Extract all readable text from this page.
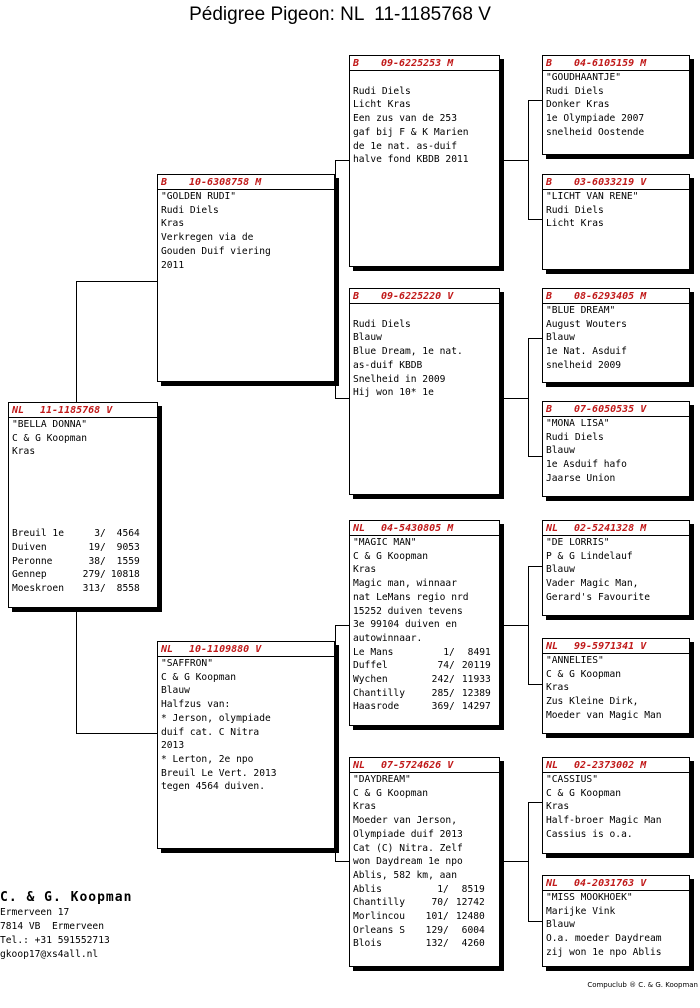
Pédigree Pigeon: NL  11-1185768 V
NL	11-1185768 V
"BELLA DONNA"
C & G Koopman
Kras
Breuil 1e	3 /	4564
Duiven	19 /	9053
Peronne	38 /	1559
Gennep	279 / 10818
Moeskroen	313 /	8558
B	10-6308758 M
"GOLDEN RUDI"
Rudi Diels
Kras
Verkregen via de
Gouden Duif viering
2011
NL	10-1109880 V
"SAFFRON"
C & G Koopman
Blauw
Halfzus van:
* Jerson, olympiade
duif cat. C Nitra
2013
* Lerton, 2e npo
Breuil Le Vert. 2013
tegen 4564 duiven.
B	09-6225253 M
Rudi Diels
Licht Kras
Een zus van de 253
gaf bij F & K Marien
de 1e nat. as-duif
halve fond KBDB 2011
B	09-6225220 V
Rudi Diels
Blauw
Blue Dream, 1e nat.
as-duif KBDB
Snelheid in 2009
Hij won 10* 1e
NL	04-5430805 M
"MAGIC MAN"
C & G Koopman
Kras
Magic man, winnaar
nat LeMans regio nrd
15252 duiven tevens
3e 99104 duiven en
autowinnaar.
Le Mans	1 /	8491
Duffel	74 / 20119
Wychen	242 / 11933
Chantilly	285 / 12389
Haasrode	369 / 14297
NL	07-5724626 V
"DAYDREAM"
C & G Koopman
Kras
Moeder van Jerson,
Olympiade duif 2013
Cat (C) Nitra. Zelf
won Daydream 1e npo
Ablis, 582 km, aan
Ablis	1 /	8519
Chantilly	70 / 12742
Morlincou	101 / 12480
Orleans S	129 /	6004
Blois	132 /	4260
B	04-6105159 M
"GOUDHAANTJE"
Rudi Diels
Donker Kras
1e Olympiade 2007
snelheid Oostende
B	03-6033219 V
"LICHT VAN RENE"
Rudi Diels
Licht Kras
B	08-6293405 M
"BLUE DREAM"
August Wouters
Blauw
1e Nat. Asduif
snelheid 2009
B	07-6050535 V
"MONA LISA"
Rudi Diels
Blauw
1e Asduif hafo
Jaarse Union
NL	02-5241328 M
"DE LORRIS"
P & G Lindelauf
Blauw
Vader Magic Man,
Gerard's Favourite
NL	99-5971341 V
"ANNELIES"
C & G Koopman
Kras
Zus Kleine Dirk,
Moeder van Magic Man
NL	02-2373002 M
"CASSIUS"
C & G Koopman
Kras
Half-broer Magic Man
Cassius is o.a.
NL	04-2031763 V
"MISS MOOKHOEK"
Marijke Vink
Blauw
O.a. moeder Daydream
zij won 1e npo Ablis
C. & G. Koopman
Ermerveen 17
7814 VB  Ermerveen
Tel.: +31 591552713
gkoop17@xs4all.nl
Compuclub ® C. & G. Koopman
